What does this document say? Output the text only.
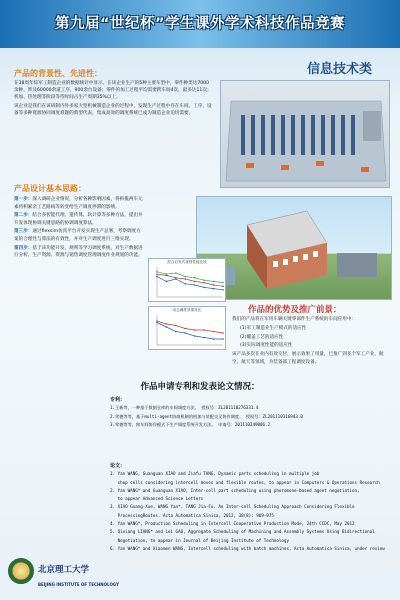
第九届“世纪杯”学生课外学术科技作品竞赛
信息技术类
产品的背景性、先进性：

在38周年综军工制造企业的数据统计中显示，在该企业生产的5种主要车型中，零件种类达7000余种，涉及60000余道工序，900余台设备；零件的加工过程平均需要跨车间4次，最多达11次；机加、热处理等阶段等待时间占生产周期35%以上。

该企业是我们在该研制内外多家大型机械制造企业的过程中，发现生产过程中存在车间、工序、设备等多种资源协同调度难题的典型代表，集成高效的调度系统已成为制造企业迫切需要。

产品设计基本思路：

第一步：深入调研企业情况，分析各种影响因素，将拆揽两车元素将积累杂工艺路线等转变给生产调度停滞的影响。

第二步：结合多智能代理、遗传算、软计算等多种方法，提出并开发体现协调关键思路的协调调度算法。

第三步：通过flexsim仿真平台开发实现生产总署，考察调度方案的合理性与算法的有效性，并对生产调度进行三维实现。

第四步：基于该功能开发、规则等学习调度系统，对生产数据进行分析、生产资源、资源与销售调度管理调度作业规划的功能。

混合启发式规则性能比较
动态调度效果对比	作品的优势及推广前景：

我们的产品将在军用车辆关键零部件生产系统的车间应用中：

(1)军工制造业生产模式的适应性

(2)覆盖工艺的适应性

(3)实际调度性能的适应性

该产品多次在业内有效交付，展示效果了用量，已推广到多个军工产业、航空、航天等领域，为装备部工程调度设备。

作品申请专利和发表论文情况：
专利：
1.王新等，一种基于数据仓库的车间调度方法。 授权号：ZL201110276331.4
2.荣德等等，基于multi-agent协商机制的机加与装配交叉协作调度。 授权号：ZL201110316943.0
3.荣德等等，跨车间协作模式下生产调度系统开发方法。 申请号：201110249806.2
论文：
1. Yan WANG, Guanguan XIAO and Jiafu TANG, Dynamic parts scheduling in multiple job
shop cells considering intercell moves and flexible routes, to appear in Computers & Operations Research
2. Yan WANG* and Guanguan XIAO, Inter-cell part scheduling using pheromone-based agent negotiation,
to appear Advanced Science Letters
3. XIAO Guang-Xue, WANG Yan*, TANG Jia-Fu. An Inter-cell Scheduling Approach Considering Flexible
ProcessingRoutes. Acta Automatica Sinica, 2012, 38(8): 969-975
4. Yan WANG*, Production Scheduling in Intercell Cooperative Production Mode, 24th CCDC, May 2012
5. Qixiang LIANG* and Lei GAO, Aggregate Scheduling of Machining and Assembly Systems Using Bidirectional
Negotiation, to appear in Journal of Beijing Institute of Technology
6. Yan WANG* and Xiaomen WANG, Intercell scheduling with batch machines, Acta Automatica Sinica, under review
北京理工大学
BEIJING INSTITUTE OF TECHNOLOGY
